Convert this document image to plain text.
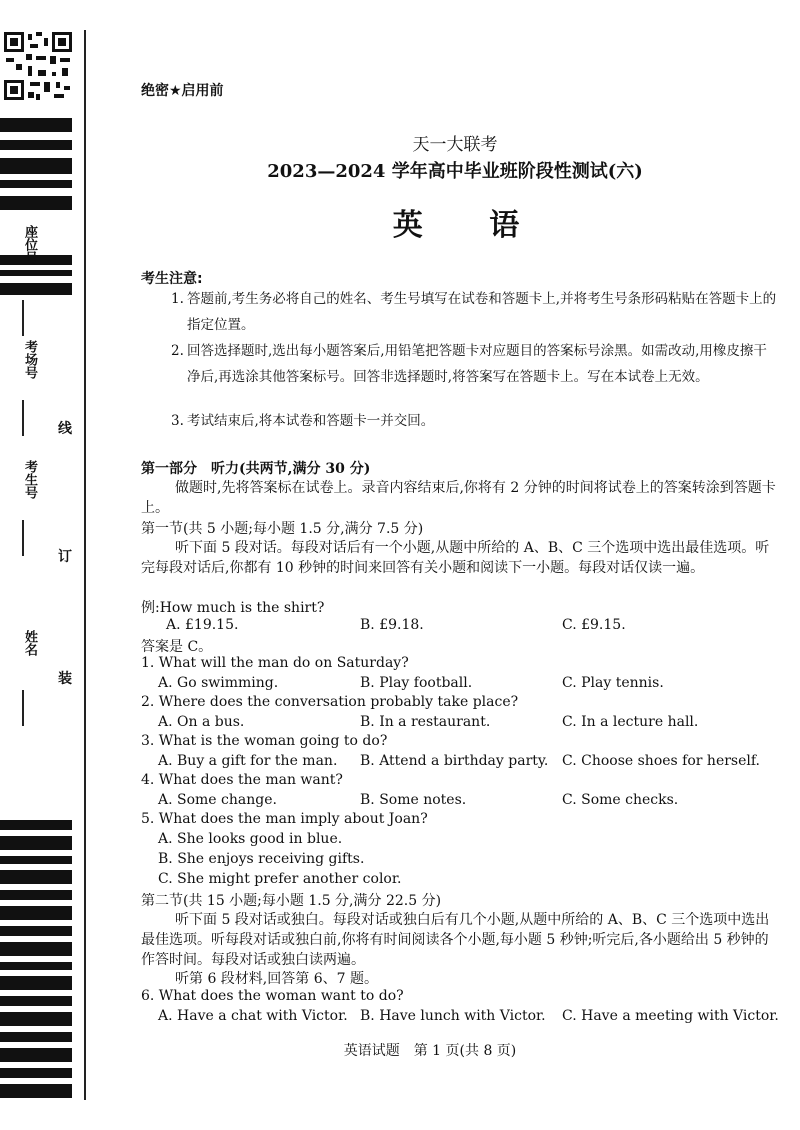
座位号
考场号
考生号
姓名
线
订
装
绝密★启用前
天一大联考
2023—2024 学年高中毕业班阶段性测试(六)
英 语
考生注意:
1. 答题前,考生务必将自己的姓名、考生号填写在试卷和答题卡上,并将考生号条形码粘贴在答题卡上的指定位置。
2. 回答选择题时,选出每小题答案后,用铅笔把答题卡对应题目的答案标号涂黑。如需改动,用橡皮擦干净后,再选涂其他答案标号。回答非选择题时,将答案写在答题卡上。写在本试卷上无效。
3. 考试结束后,将本试卷和答题卡一并交回。
第一部分　听力(共两节,满分 30 分)
做题时,先将答案标在试卷上。录音内容结束后,你将有 2 分钟的时间将试卷上的答案转涂到答题卡上。
第一节(共 5 小题;每小题 1.5 分,满分 7.5 分)
听下面 5 段对话。每段对话后有一个小题,从题中所给的 A、B、C 三个选项中选出最佳选项。听完每段对话后,你都有 10 秒钟的时间来回答有关小题和阅读下一小题。每段对话仅读一遍。
例:How much is the shirt?
A. £19.15.	B. £9.18.	C. £9.15.
答案是 C。
1. What will the man do on Saturday?
A. Go swimming.	B. Play football.	C. Play tennis.
2. Where does the conversation probably take place?
A. On a bus.	B. In a restaurant.	C. In a lecture hall.
3. What is the woman going to do?
A. Buy a gift for the man. B. Attend a birthday party. C. Choose shoes for herself.
4. What does the man want?
A. Some change.	B. Some notes.	C. Some checks.
5. What does the man imply about Joan?
A. She looks good in blue.
B. She enjoys receiving gifts.
C. She might prefer another color.
第二节(共 15 小题;每小题 1.5 分,满分 22.5 分)
听下面 5 段对话或独白。每段对话或独白后有几个小题,从题中所给的 A、B、C 三个选项中选出最佳选项。听每段对话或独白前,你将有时间阅读各个小题,每小题 5 秒钟;听完后,各小题给出 5 秒钟的作答时间。每段对话或独白读两遍。
听第 6 段材料,回答第 6、7 题。
6. What does the woman want to do?
A. Have a chat with Victor. B. Have lunch with Victor. C. Have a meeting with Victor.
英语试题　第 1 页(共 8 页)
